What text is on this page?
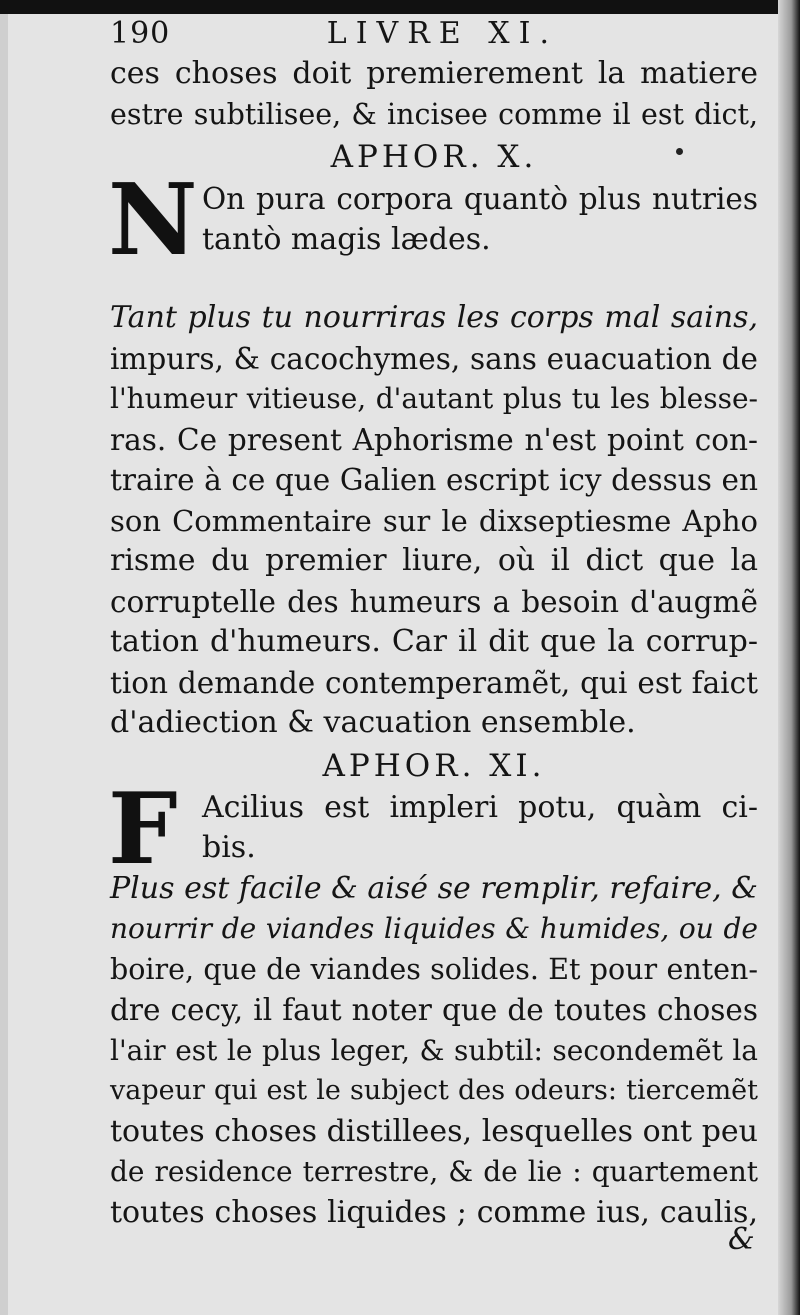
190	LIVRE XI.
ces choses doit premierement la matiere
estre subtilisee, & incisee comme il est dict,
APHOR. X.
N On pura corpora quantò plus nutries
tantò magis lædes.
Tant plus tu nourriras les corps mal sains,
impurs, & cacochymes, sans euacuation de
l'humeur vitieuse, d'autant plus tu les blesse-
ras. Ce present Aphorisme n'est point con-
traire à ce que Galien escript icy dessus en
son Commentaire sur le dixseptiesme Apho
risme du premier liure, où il dict que la
corruptelle des humeurs a besoin d'augmẽ
tation d'humeurs. Car il dit que la corrup-
tion demande contemperamẽt, qui est faict
d'adiection & vacuation ensemble.
APHOR. XI.
F Acilius est impleri potu, quàm ci-
bis.
Plus est facile & aisé se remplir, refaire, &
nourrir de viandes liquides & humides, ou de
boire, que de viandes solides. Et pour enten-
dre cecy, il faut noter que de toutes choses
l'air est le plus leger, & subtil: secondemẽt la
vapeur qui est le subject des odeurs: tiercemẽt
toutes choses distillees, lesquelles ont peu
de residence terrestre, & de lie : quartement
toutes choses liquides ; comme ius, caulis,
&
